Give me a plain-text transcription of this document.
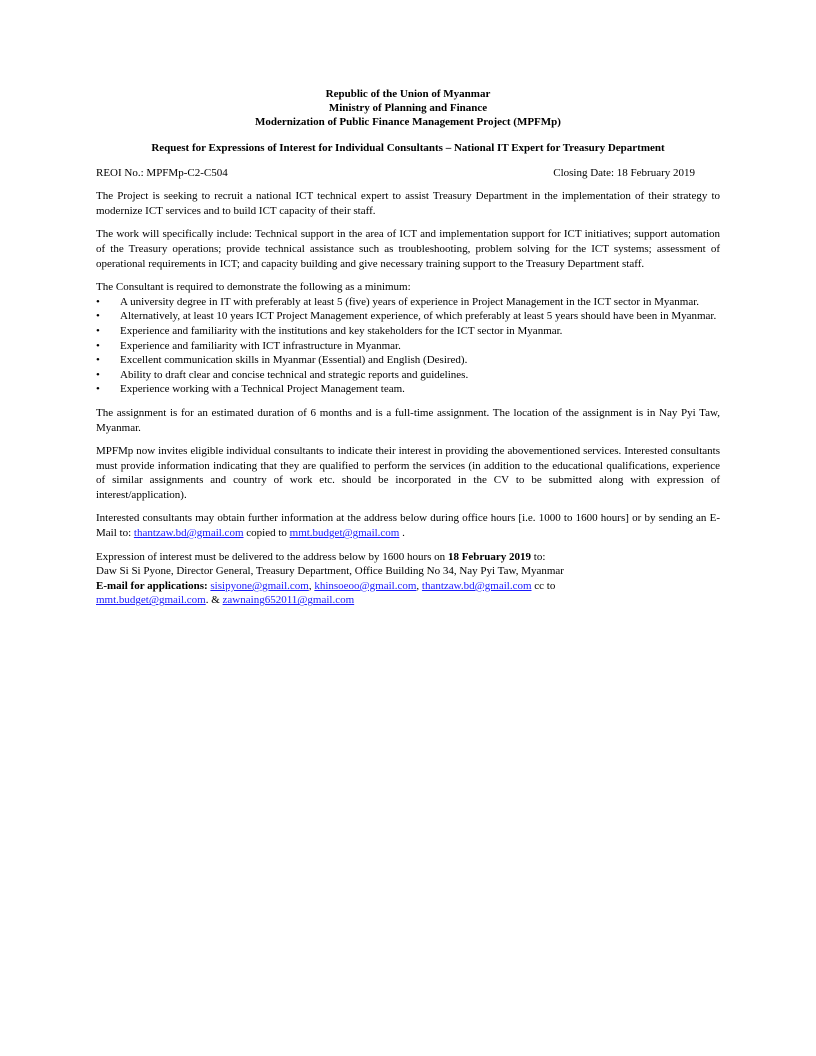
Republic of the Union of Myanmar
Ministry of Planning and Finance
Modernization of Public Finance Management Project (MPFMp)
Request for Expressions of Interest for Individual Consultants – National IT Expert for Treasury Department
REOI No.: MPFMp-C2-C504	Closing Date: 18 February 2019

The Project is seeking to recruit a national ICT technical expert to assist Treasury Department in the implementation of their strategy to modernize ICT services and to build ICT capacity of their staff.

The work will specifically include: Technical support in the area of ICT and implementation support for ICT initiatives; support automation of the Treasury operations; provide technical assistance such as troubleshooting, problem solving for the ICT systems; assessment of operational requirements in ICT; and capacity building and give necessary training support to the Treasury Department staff.

The Consultant is required to demonstrate the following as a minimum:

•	A university degree in IT with preferably at least 5 (five) years of experience in Project Management in the ICT sector in Myanmar.
•	Alternatively, at least 10 years ICT Project Management experience, of which preferably at least 5 years should have been in Myanmar.
•	Experience and familiarity with the institutions and key stakeholders for the ICT sector in Myanmar.
•	Experience and familiarity with ICT infrastructure in Myanmar.
•	Excellent communication skills in Myanmar (Essential) and English (Desired).
•	Ability to draft clear and concise technical and strategic reports and guidelines.
•	Experience working with a Technical Project Management team.

The assignment is for an estimated duration of 6 months and is a full-time assignment. The location of the assignment is in Nay Pyi Taw, Myanmar.

MPFMp now invites eligible individual consultants to indicate their interest in providing the abovementioned services. Interested consultants must provide information indicating that they are qualified to perform the services (in addition to the educational qualifications, experience of similar assignments and country of work etc. should be incorporated in the CV to be submitted along with expression of interest/application).

Interested consultants may obtain further information at the address below during office hours [i.e. 1000 to 1600 hours] or by sending an E-Mail to: thantzaw.bd@gmail.com copied to mmt.budget@gmail.com .

Expression of interest must be delivered to the address below by 1600 hours on 18 February 2019 to:

Daw Si Si Pyone, Director General, Treasury Department, Office Building No 34, Nay Pyi Taw, Myanmar

E-mail for applications: sisipyone@gmail.com, khinsoeoo@gmail.com, thantzaw.bd@gmail.com cc to
mmt.budget@gmail.com. & zawnaing652011@gmail.com
